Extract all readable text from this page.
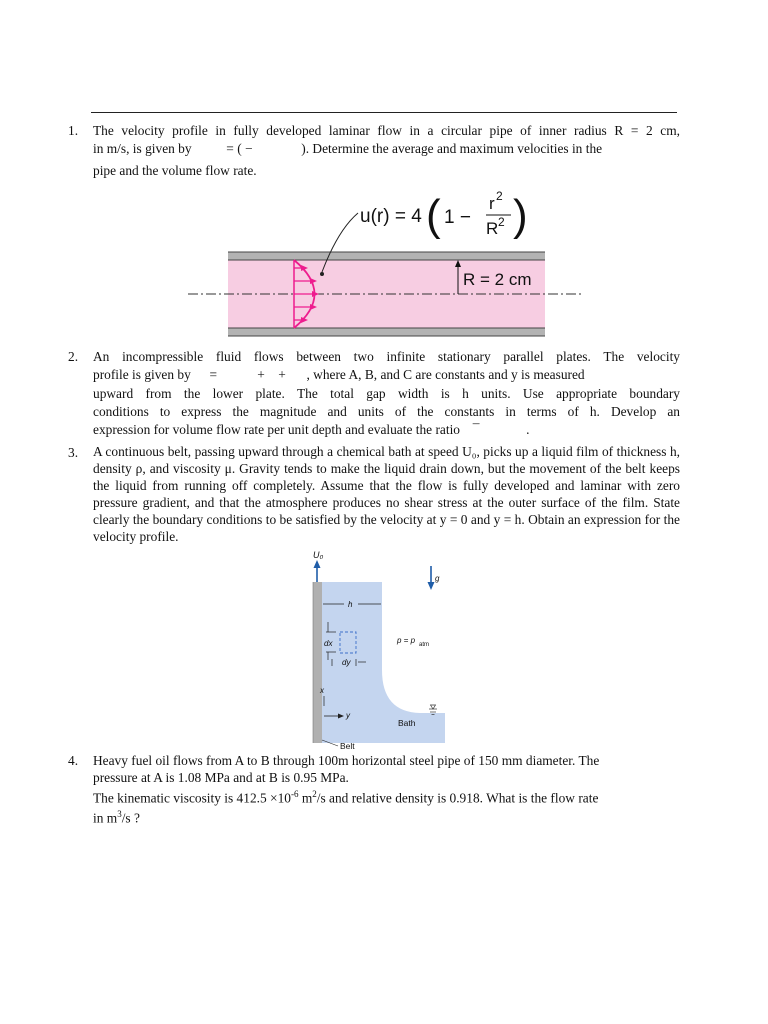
1. The velocity profile in fully developed laminar flow in a circular pipe of inner radius R = 2 cm,
in m/s, is given by	= ( −	). Determine the average and maximum velocities in the
pipe and the volume flow rate.
u(r) = 4 ( 1 −
r 2
R 2 )
R = 2 cm
2. An incompressible fluid flows between two infinite stationary parallel plates. The velocity
profile is given by =            +    + , where A, B, and C are constants and y is measured
upward from the lower plate. The total gap width is h units. Use appropriate boundary
conditions to express the magnitude and units of the constants in terms of h. Develop an
expression for volume flow rate per unit depth and evaluate the ratio ¯	.
3. A continuous belt, passing upward through a chemical bath at speed U₀, picks up a liquid film of thickness h, density ρ, and viscosity μ. Gravity tends to make the liquid drain down, but the movement of the belt keeps the liquid from running off completely. Assume that the flow is fully developed and laminar with zero pressure gradient, and that the atmosphere produces no shear stress at the outer surface of the film. State clearly the boundary conditions to be satisfied by the velocity at y = 0 and y = h. Obtain an expression for the velocity profile.
U₀
g
h
dx
dy
p = p atm
y
x
Bath
Belt
4. Heavy fuel oil flows from A to B through 100m horizontal steel pipe of 150 mm diameter. The
pressure at A is 1.08 MPa and at B is 0.95 MPa.
The kinematic viscosity is $412.5 \times 10^{-6}$ $m^2/s$ and relative density is 0.918. What is the flow rate
in $m^3/s$ ?
